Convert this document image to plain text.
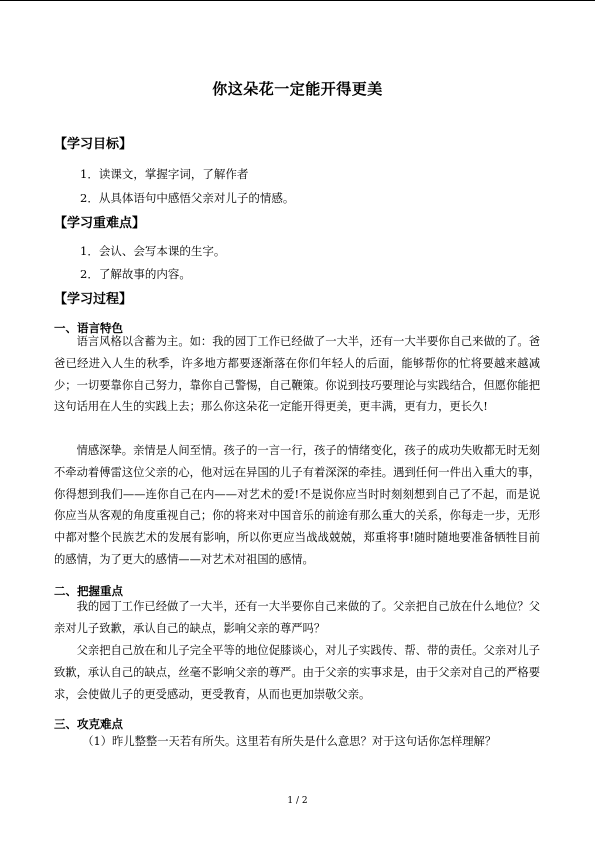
你这朵花一定能开得更美
【学习目标】
1．读课文，掌握字词，了解作者
2．从具体语句中感悟父亲对儿子的情感。
【学习重难点】
1．会认、会写本课的生字。
2．了解故事的内容。
【学习过程】
一、语言特色

语言风格以含蓄为主。如：我的园丁工作已经做了一大半，还有一大半要你自己来做的了。爸爸已经进入人生的秋季，许多地方都要逐渐落在你们年轻人的后面，能够帮你的忙将要越来越减少；一切要靠你自己努力，靠你自己警惕，自己鞭策。你说到技巧要理论与实践结合，但愿你能把这句话用在人生的实践上去；那么你这朵花一定能开得更美，更丰满，更有力，更长久!

情感深挚。亲情是人间至情。孩子的一言一行，孩子的情绪变化，孩子的成功失败都无时无刻不牵动着傅雷这位父亲的心，他对远在异国的儿子有着深深的牵挂。遇到任何一件出入重大的事，你得想到我们——连你自己在内——对艺术的爱!不是说你应当时时刻刻想到自己了不起，而是说你应当从客观的角度重视自己；你的将来对中国音乐的前途有那么重大的关系，你每走一步，无形中都对整个民族艺术的发展有影响，所以你更应当战战兢兢，郑重将事!随时随地要准备牺牲目前的感情，为了更大的感情——对艺术对祖国的感情。

二、把握重点

我的园丁工作已经做了一大半，还有一大半要你自己来做的了。父亲把自己放在什么地位？父亲对儿子致歉，承认自己的缺点，影响父亲的尊严吗？

父亲把自己放在和儿子完全平等的地位促膝谈心，对儿子实践传、帮、带的责任。父亲对儿子致歉，承认自己的缺点，丝毫不影响父亲的尊严。由于父亲的实事求是，由于父亲对自己的严格要求，会使做儿子的更受感动，更受教育，从而也更加崇敬父亲。

三、攻克难点

（1）昨儿整整一天若有所失。这里若有所失是什么意思？对于这句话你怎样理解？

1 / 2
